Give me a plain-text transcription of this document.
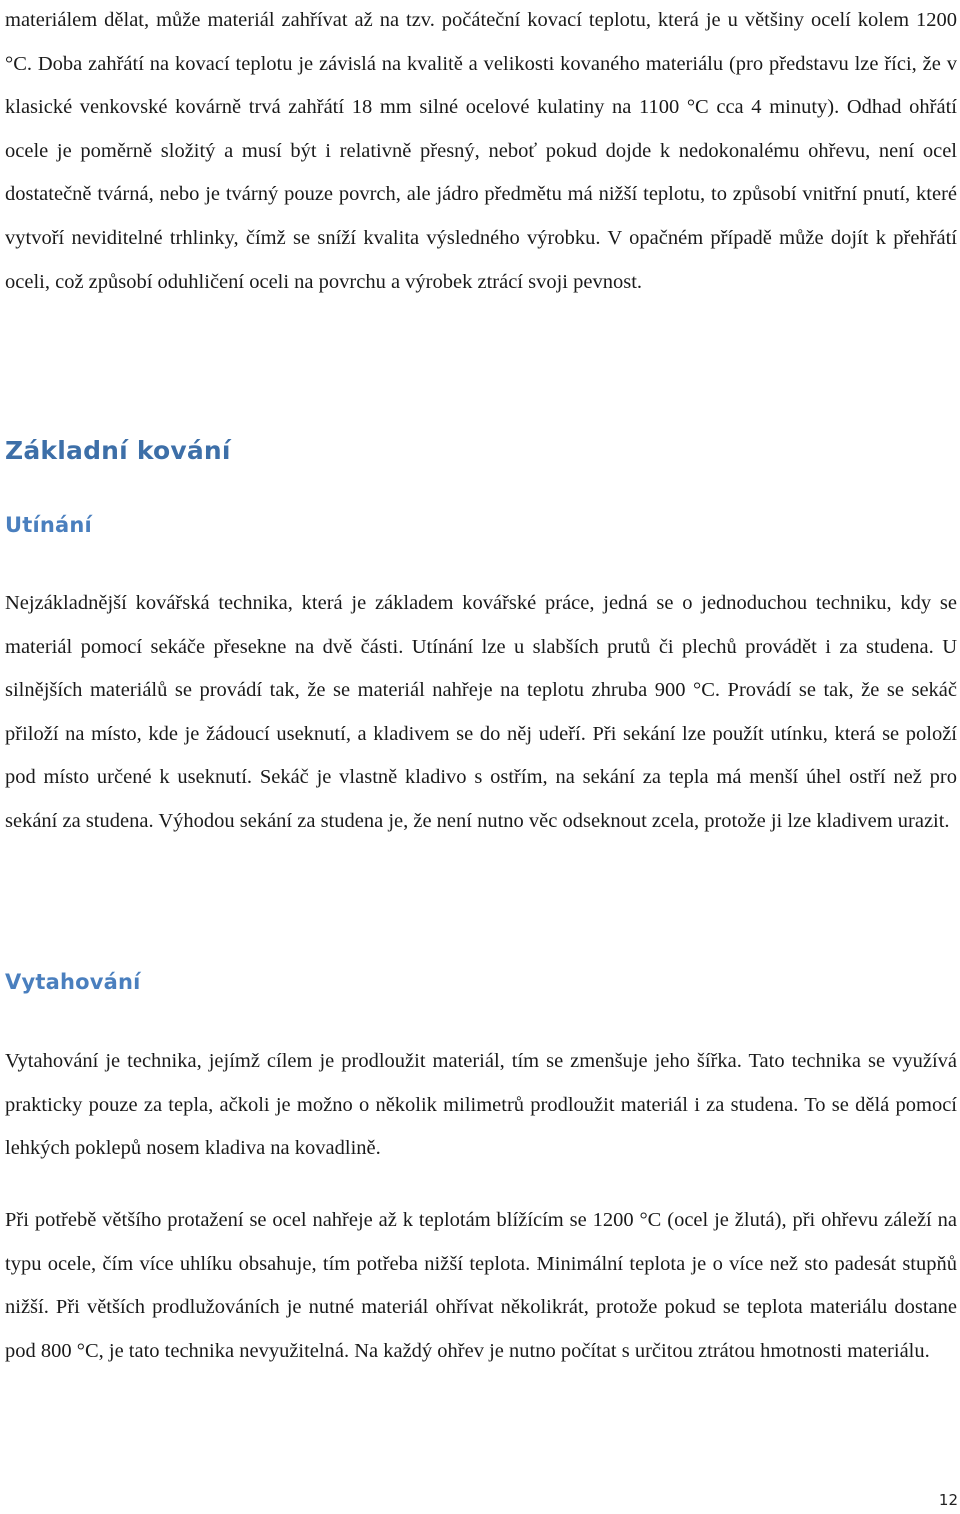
materiálem dělat, může materiál zahřívat až na tzv. počáteční kovací teplotu, která je u většiny ocelí kolem 1200 °C. Doba zahřátí na kovací teplotu je závislá na kvalitě a velikosti kovaného materiálu (pro představu lze říci, že v klasické venkovské kovárně trvá zahřátí 18 mm silné ocelové kulatiny na 1100 °C cca 4 minuty). Odhad ohřátí ocele je poměrně složitý a musí být i relativně přesný, neboť pokud dojde k nedokonalému ohřevu, není ocel dostatečně tvárná, nebo je tvárný pouze povrch, ale jádro předmětu má nižší teplotu, to způsobí vnitřní pnutí, které vytvoří neviditelné trhlinky, čímž se sníží kvalita výsledného výrobku. V opačném případě může dojít k přehřátí oceli, což způsobí oduhličení oceli na povrchu a výrobek ztrácí svoji pevnost.

Základní kování
Utínání

Nejzákladnější kovářská technika, která je základem kovářské práce, jedná se o jednoduchou techniku, kdy se materiál pomocí sekáče přesekne na dvě části. Utínání lze u slabších prutů či plechů provádět i za studena. U silnějších materiálů se provádí tak, že se materiál nahřeje na teplotu zhruba 900 °C. Provádí se tak, že se sekáč přiloží na místo, kde je žádoucí useknutí, a kladivem se do něj udeří. Při sekání lze použít utínku, která se položí pod místo určené k useknutí. Sekáč je vlastně kladivo s ostřím, na sekání za tepla má menší úhel ostří než pro sekání za studena. Výhodou sekání za studena je, že není nutno věc odseknout zcela, protože ji lze kladivem urazit.

Vytahování

Vytahování je technika, jejímž cílem je prodloužit materiál, tím se zmenšuje jeho šířka. Tato technika se využívá prakticky pouze za tepla, ačkoli je možno o několik milimetrů prodloužit materiál i za studena. To se dělá pomocí lehkých poklepů nosem kladiva na kovadlině.

Při potřebě většího protažení se ocel nahřeje až k teplotám blížícím se 1200 °C (ocel je žlutá), při ohřevu záleží na typu ocele, čím více uhlíku obsahuje, tím potřeba nižší teplota. Minimální teplota je o více než sto padesát stupňů nižší. Při větších prodlužováních je nutné materiál ohřívat několikrát, protože pokud se teplota materiálu dostane pod 800 °C, je tato technika nevyužitelná. Na každý ohřev je nutno počítat s určitou ztrátou hmotnosti materiálu.

12
